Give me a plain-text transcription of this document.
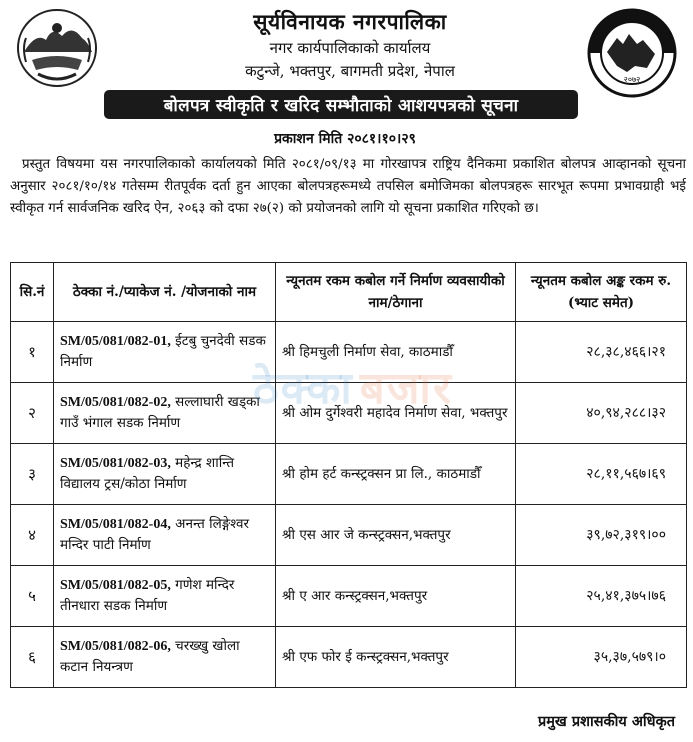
२०७२
सूर्यविनायक नगरपालिका
नगर कार्यपालिकाको कार्यालय
कटुन्जे, भक्तपुर, बागमती प्रदेश, नेपाल
बोलपत्र स्वीकृति र खरिद सम्भौताको आशयपत्रको सूचना
प्रकाशन मिति २०८१।१०।२९

प्रस्तुत विषयमा यस नगरपालिकाको कार्यालयको मिति २०८१/०९/१३ मा गोरखापत्र राष्ट्रिय दैनिकमा प्रकाशित बोलपत्र आव्हानको सूचना अनुसार २०८१/१०/१४ गतेसम्म रीतपूर्वक दर्ता हुन आएका बोलपत्रहरूमध्ये तपसिल बमोजिमका बोलपत्रहरू सारभूत रूपमा प्रभावग्राही भई स्वीकृत गर्न सार्वजनिक खरिद ऐन, २०६३ को दफा २७(२) को प्रयोजनको लागि यो सूचना प्रकाशित गरिएको छ।

सि.नं	ठेक्का नं./प्याकेज नं. /योजनाको नाम	न्यूनतम रकम कबोल गर्ने निर्माण व्यवसायीको नाम/ठेगाना	न्यूनतम कबोल अङ्क रकम रु. (भ्याट समेत)
१	SM/05/081/082-01, ईटबु चुनदेवी सडक निर्माण	श्री हिमचुली निर्माण सेवा, काठमाडौँ	२८,३८,४६६।२१
२	SM/05/081/082-02, सल्लाघारी खड्का गाउँ भंगाल सडक निर्माण	श्री ओम दुर्गेश्वरी महादेव निर्माण सेवा, भक्तपुर	४०,९४,२८८।३२
३	SM/05/081/082-03, महेन्द्र शान्ति विद्यालय ट्रस/कोठा निर्माण	श्री होम हर्ट कन्स्ट्रक्सन प्रा लि., काठमाडौँ	२८,११,५६७।६९
४	SM/05/081/082-04, अनन्त लिङ्गेश्वर मन्दिर पाटी निर्माण	श्री एस आर जे कन्स्ट्रक्सन,भक्तपुर	३९,७२,३१९।००
५	SM/05/081/082-05, गणेश मन्दिर तीनधारा सडक निर्माण	श्री ए आर कन्स्ट्रक्सन,भक्तपुर	२५,४१,३७५।७६
६	SM/05/081/082-06, चरख्खु खोला कटान नियन्त्रण	श्री एफ फोर ई कन्स्ट्रक्सन,भक्तपुर	३५,३७,५७९।०
ठेक्का बजार
प्रमुख प्रशासकीय अधिकृत
